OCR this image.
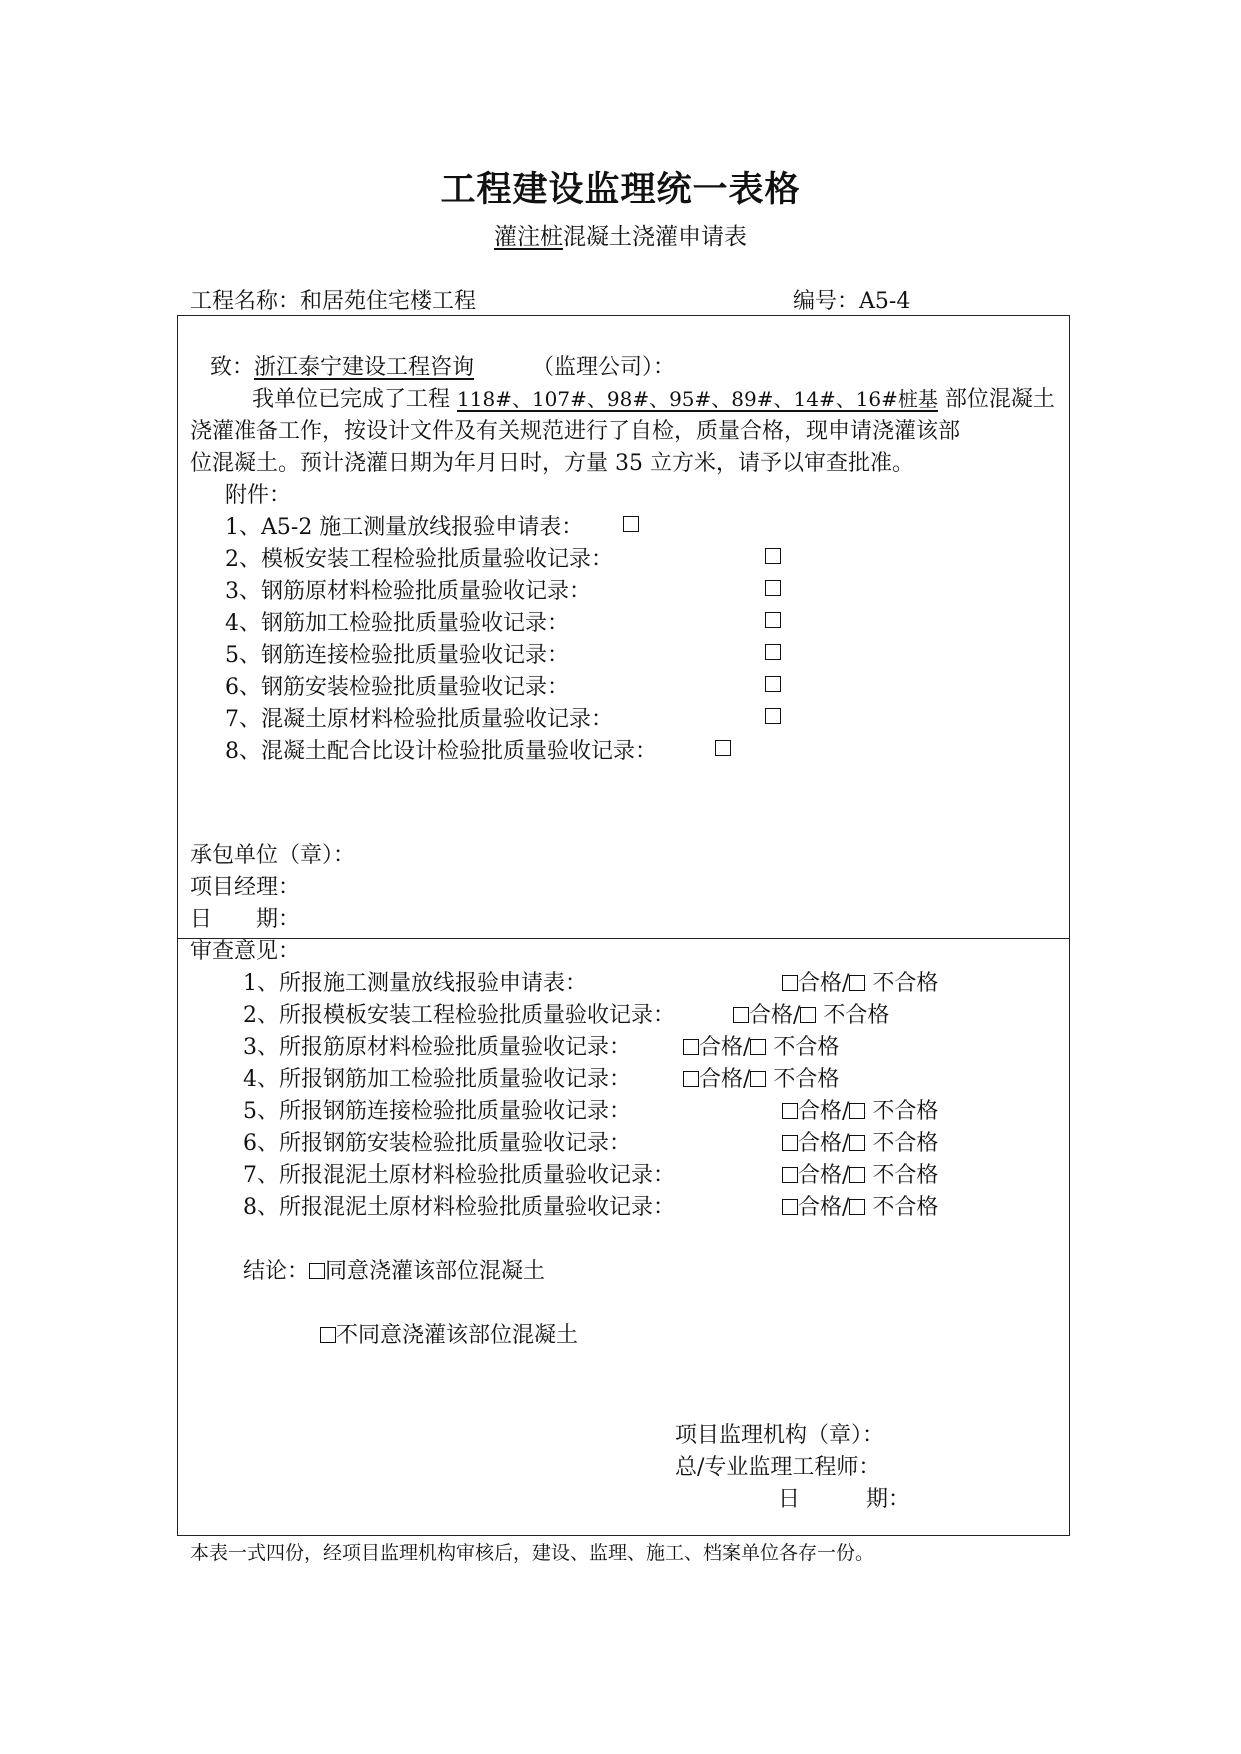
工程建设监理统一表格
灌注桩混凝土浇灌申请表
工程名称：和居苑住宅楼工程	编号：A5-4
致：浙江泰宁建设工程咨询	（监理公司）：
我单位已完成了工程 118#、107#、98#、95#、89#、14#、16#桩基 部位混凝土
浇灌准备工作，按设计文件及有关规范进行了自检，质量合格，现申请浇灌该部
位混凝土。预计浇灌日期为年月日时，方量 35 立方米，请予以审查批准。
附件：
1、A5-2 施工测量放线报验申请表：
2、模板安装工程检验批质量验收记录：
3、钢筋原材料检验批质量验收记录：
4、钢筋加工检验批质量验收记录：
5、钢筋连接检验批质量验收记录：
6、钢筋安装检验批质量验收记录：
7、混凝土原材料检验批质量验收记录：
8、混凝土配合比设计检验批质量验收记录：
承包单位（章）：
项目经理：
日　　期：
审查意见：
1、所报施工测量放线报验申请表：	合格/ 不合格
2、所报模板安装工程检验批质量验收记录：	合格/ 不合格
3、所报筋原材料检验批质量验收记录：	合格/ 不合格
4、所报钢筋加工检验批质量验收记录：	合格/ 不合格
5、所报钢筋连接检验批质量验收记录：	合格/ 不合格
6、所报钢筋安装检验批质量验收记录：	合格/ 不合格
7、所报混泥土原材料检验批质量验收记录：	合格/ 不合格
8、所报混泥土原材料检验批质量验收记录：	合格/ 不合格
结论： 同意浇灌该部位混凝土
不同意浇灌该部位混凝土
项目监理机构（章）：
总/专业监理工程师：
日　　　期：
本表一式四份，经项目监理机构审核后，建设、监理、施工、档案单位各存一份。
